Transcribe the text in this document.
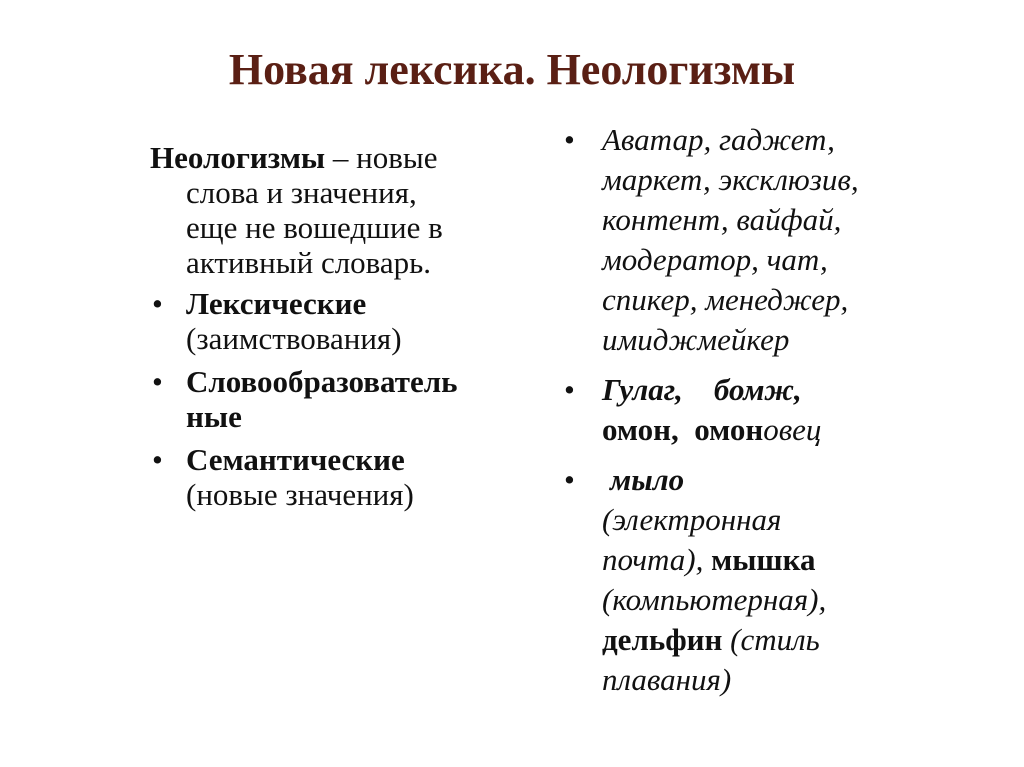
Новая лексика. Неологизмы
Неологизмы – новые
слова и значения,
еще не вошедшие в
активный словарь.
• Лексические
(заимствования)
• Словообразователь
ные
• Семантические
(новые значения)
• Аватар, гаджет,
маркет, эксклюзив,
контент, вайфай,
модератор, чат,
спикер, менеджер,
имиджмейкер
• Гулаг, бомж,
омон, омоновец
• мыло
(электронная
почта), мышка
(компьютерная),
дельфин (стиль
плавания)
